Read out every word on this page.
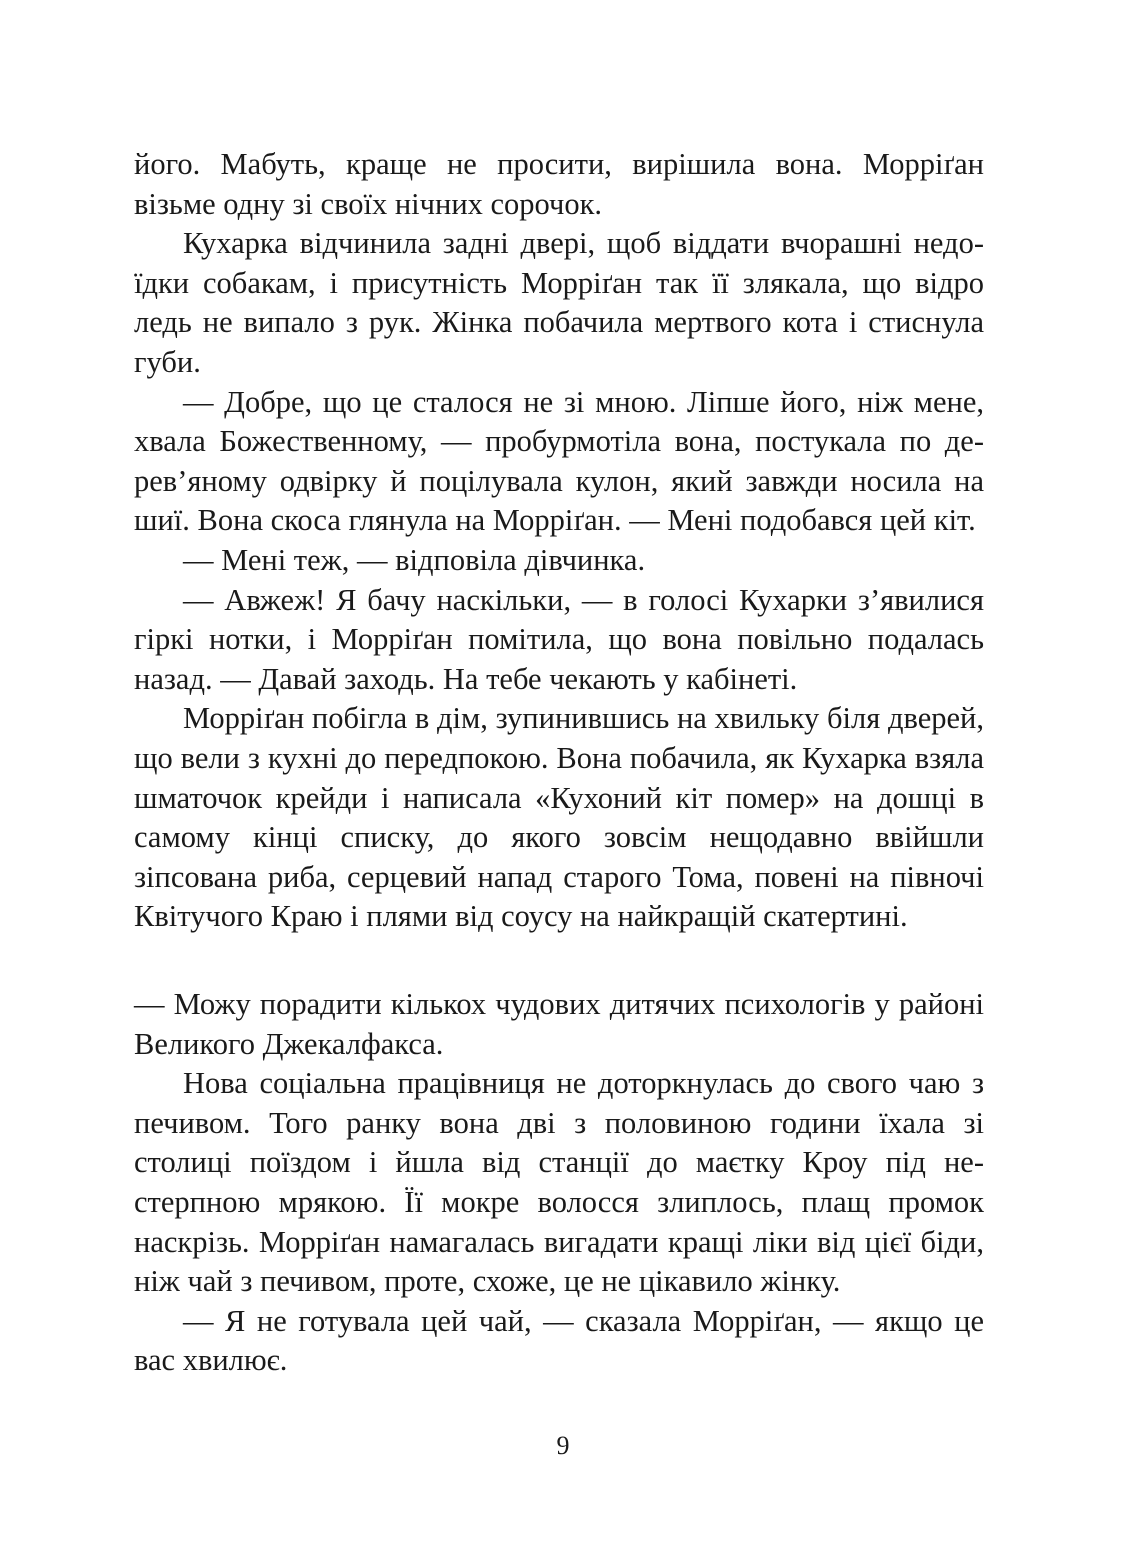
його. Мабуть, краще не просити, вирішила вона. Морріґан візьме одну зі своїх нічних сорочок.

Кухарка відчинила задні двері, щоб віддати вчорашні недоїдки собакам, і присутність Морріґан так її злякала, що відро ледь не випало з рук. Жінка побачила мертвого кота і стиснула губи.

— Добре, що це сталося не зі мною. Ліпше його, ніж мене, хвала Божественному, — пробурмотіла вона, постукала по дерев’яному одвірку й поцілувала кулон, який завжди носила на шиї. Вона скоса глянула на Морріґан. — Мені подобався цей кіт.

— Мені теж, — відповіла дівчинка.

— Авжеж! Я бачу наскільки, — в голосі Кухарки з’явилися гіркі нотки, і Морріґан помітила, що вона повільно подалась назад. — Давай заходь. На тебе чекають у кабінеті.

Морріґан побігла в дім, зупинившись на хвильку біля дверей, що вели з кухні до передпокою. Вона побачила, як Кухарка взяла шматочок крейди і написала «Кухоний кіт помер» на дошці в самому кінці списку, до якого зовсім нещодавно ввійшли зіпсована риба, серцевий напад старого Тома, повені на півночі Квітучого Краю і плями від соусу на найкращій скатертині.

— Можу порадити кількох чудових дитячих психологів у районі Великого Джекалфакса.

Нова соціальна працівниця не доторкнулась до свого чаю з печивом. Того ранку вона дві з половиною години їхала зі столиці поїздом і йшла від станції до маєтку Кроу під нестерпною мрякою. Її мокре волосся злиплось, плащ промок наскрізь. Морріґан намагалась вигадати кращі ліки від цієї біди, ніж чай з печивом, проте, схоже, це не цікавило жінку.

— Я не готувала цей чай, — сказала Морріґан, — якщо це вас хвилює.

9
